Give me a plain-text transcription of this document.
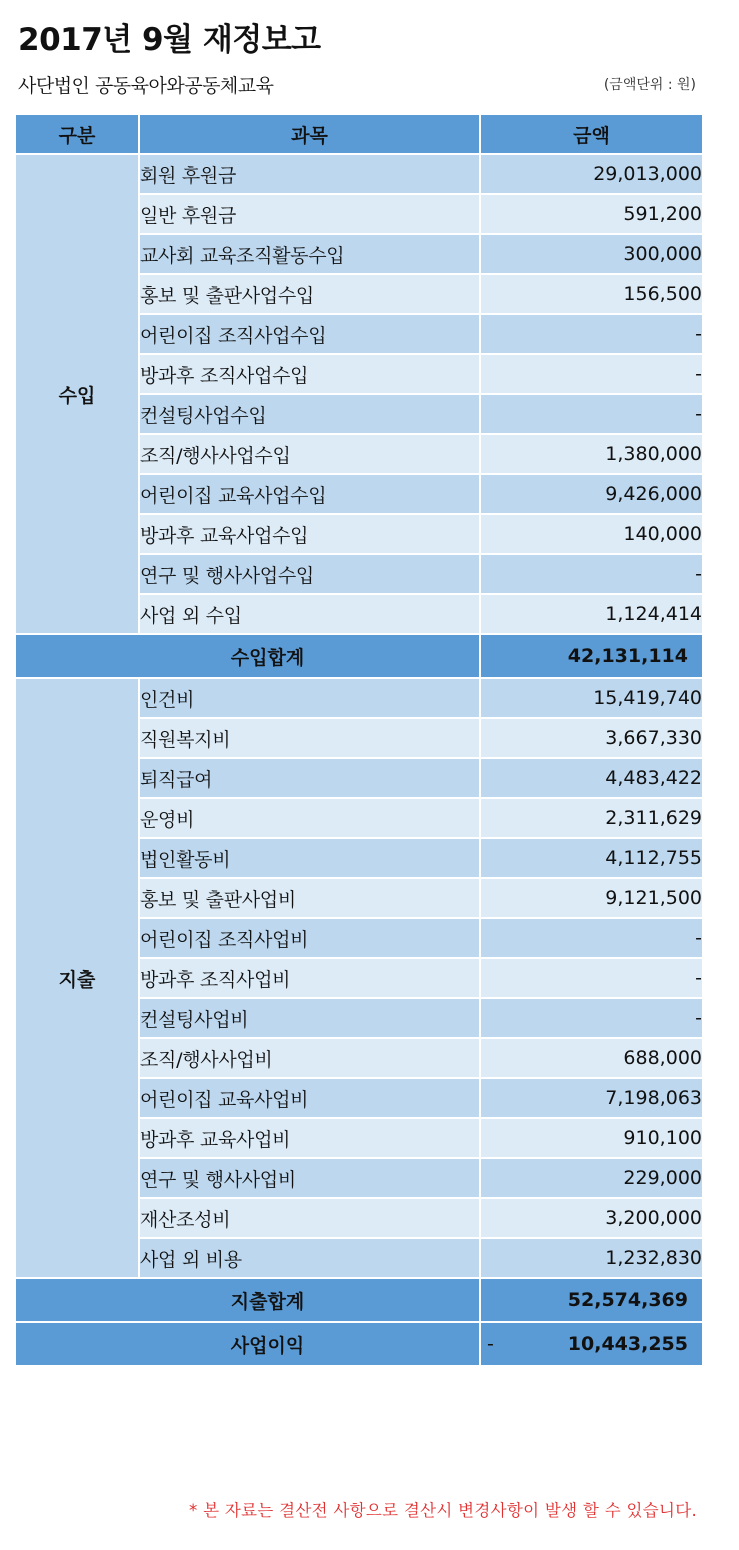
2017년 9월 재정보고
사단법인 공동육아와공동체교육	(금액단위 : 원)
구분	과목	금액
수입	회원 후원금	29,013,000
	일반 후원금	591,200
	교사회 교육조직활동수입	300,000
	홍보 및 출판사업수입	156,500
	어린이집 조직사업수입	-
	방과후 조직사업수입	-
	컨설팅사업수입	-
	조직/행사사업수입	1,380,000
	어린이집 교육사업수입	9,426,000
	방과후 교육사업수입	140,000
	연구 및 행사사업수입	-
	사업 외 수입	1,124,414
수입합계		42,131,114
지출	인건비	15,419,740
	직원복지비	3,667,330
	퇴직급여	4,483,422
	운영비	2,311,629
	법인활동비	4,112,755
	홍보 및 출판사업비	9,121,500
	어린이집 조직사업비	-
	방과후 조직사업비	-
	컨설팅사업비	-
	조직/행사사업비	688,000
	어린이집 교육사업비	7,198,063
	방과후 교육사업비	910,100
	연구 및 행사사업비	229,000
	재산조성비	3,200,000
	사업 외 비용	1,232,830
지출합계		52,574,369
사업이익		- 10,443,255
* 본 자료는 결산전 사항으로 결산시 변경사항이 발생 할 수 있습니다.
